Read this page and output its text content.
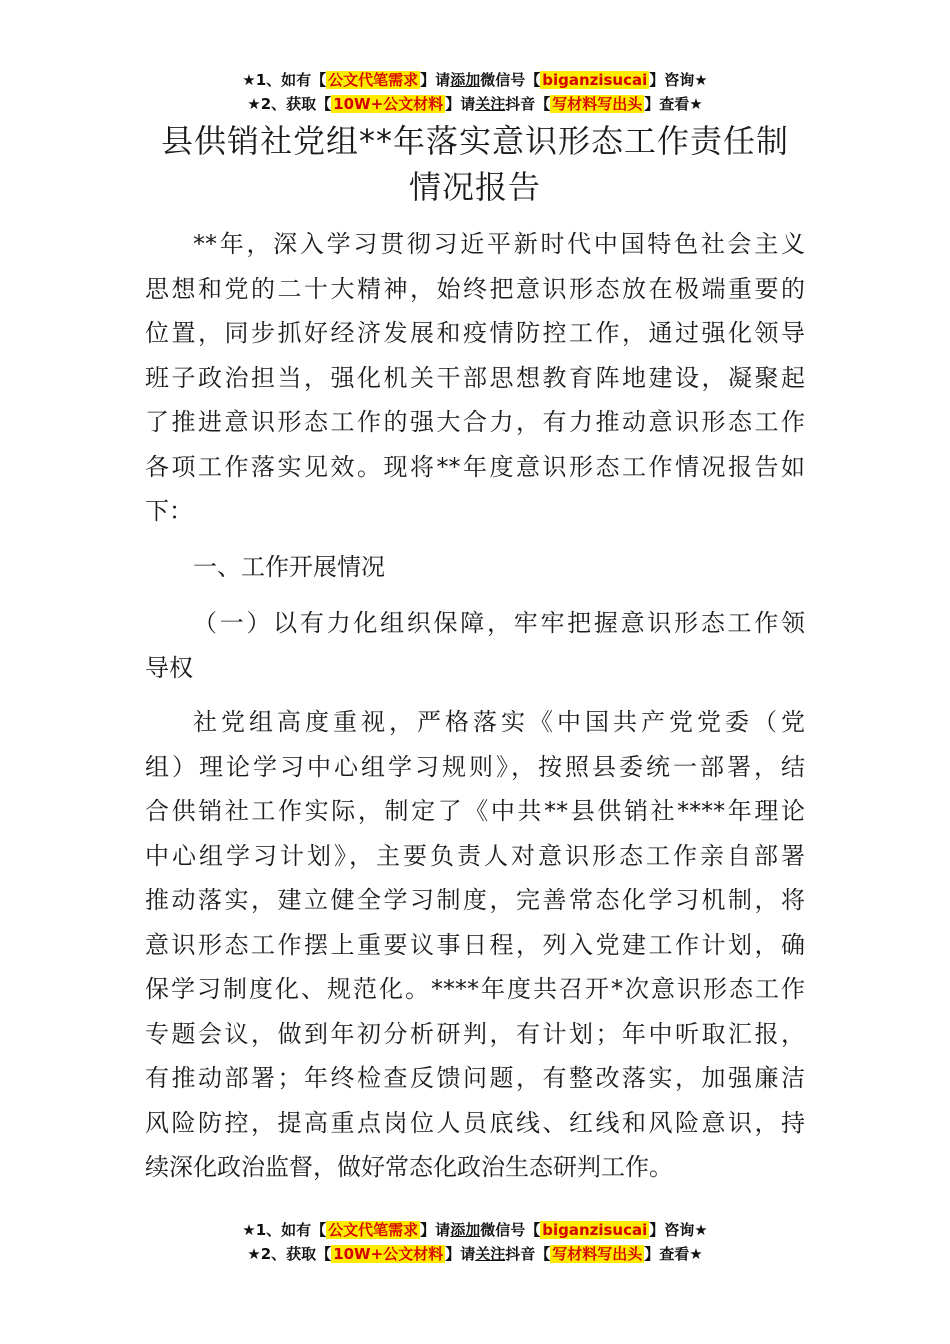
★1、如有【 公文代笔需求 】请添加微信号【 biganzisucai 】咨询★
★2、获取【 10W+公文材料 】请关注抖音【 写材料写出头 】查看★
县供销社党组**年落实意识形态工作责任制
情况报告
**年，深入学习贯彻习近平新时代中国特色社会主义
思想和党的二十大精神，始终把意识形态放在极端重要的
位置，同步抓好经济发展和疫情防控工作，通过强化领导
班子政治担当，强化机关干部思想教育阵地建设，凝聚起
了推进意识形态工作的强大合力，有力推动意识形态工作
各项工作落实见效。现将**年度意识形态工作情况报告如
下：
一、工作开展情况
（一）以有力化组织保障，牢牢把握意识形态工作领
导权
社党组高度重视，严格落实《中国共产党党委（党
组）理论学习中心组学习规则》，按照县委统一部署，结
合供销社工作实际，制定了《中共**县供销社****年理论
中心组学习计划》，主要负责人对意识形态工作亲自部署
推动落实，建立健全学习制度，完善常态化学习机制，将
意识形态工作摆上重要议事日程，列入党建工作计划，确
保学习制度化、规范化。****年度共召开*次意识形态工作
专题会议，做到年初分析研判，有计划；年中听取汇报，
有推动部署；年终检查反馈问题，有整改落实，加强廉洁
风险防控，提高重点岗位人员底线、红线和风险意识，持
续深化政治监督，做好常态化政治生态研判工作。
★1、如有【 公文代笔需求 】请添加微信号【 biganzisucai 】咨询★
★2、获取【 10W+公文材料 】请关注抖音【 写材料写出头 】查看★
